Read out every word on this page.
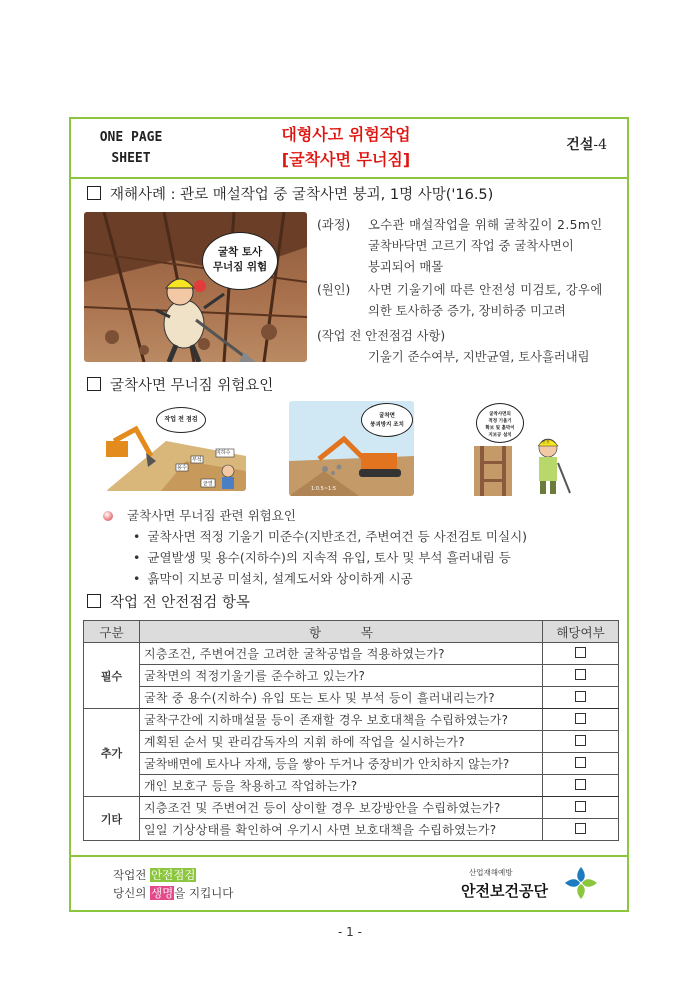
ONE PAGE
SHEET
대형사고 위험작업
[굴착사면 무너짐]
건설-4
재해사례 : 관로 매설작업 중 굴착사면 붕괴, 1명 사망('16.5)
굴착 토사
무너짐 위험
(과정)	오수관 매설작업을 위해 굴착깊이 2.5m인
굴착바닥면 고르기 작업 중 굴착사면이
붕괴되어 매몰
(원인)	사면 기울기에 따른 안전성 미검토, 강우에
의한 토사하중 증가, 장비하중 미고려
(작업 전 안전점검 사항)
기울기 준수여부, 지반균열, 토사흘러내림
굴착사면 무너짐 위험요인
작업 전 점검
지하수
부석
용수
균열
굴착면
붕괴방지 조치
1:0.5~1:5
굴착사면의
적정 기울기
확보 및 흙막이
지보공 설치
안전
굴착사면 무너짐 관련 위험요인
• 굴착사면 적정 기울기 미준수(지반조건, 주변여건 등 사전검토 미실시)
• 균열발생 및 용수(지하수)의 지속적 유입, 토사 및 부석 흘러내림 등
• 흙막이 지보공 미설치, 설계도서와 상이하게 시공
작업 전 안전점검 항목
구분	항          목	해당여부
필수	지층조건, 주변여건을 고려한 굴착공법을 적용하였는가?	
	굴착면의 적정기울기를 준수하고 있는가?	
	굴착 중 용수(지하수) 유입 또는 토사 및 부석 등이 흘러내리는가?	
추가	굴착구간에 지하매설물 등이 존재할 경우 보호대책을 수립하였는가?	
	계획된 순서 및 관리감독자의 지휘 하에 작업을 실시하는가?	
	굴착배면에 토사나 자재, 등을 쌓아 두거나 중장비가 안치하지 않는가?	
	개인 보호구 등을 착용하고 작업하는가?	
기타	지층조건 및 주변여건 등이 상이할 경우 보강방안을 수립하였는가?	
	일일 기상상태를 확인하여 우기시 사면 보호대책을 수립하였는가?	
작업전 안전점검
당신의 생명을 지킵니다
산업재해예방
안전보건공단
- 1 -
